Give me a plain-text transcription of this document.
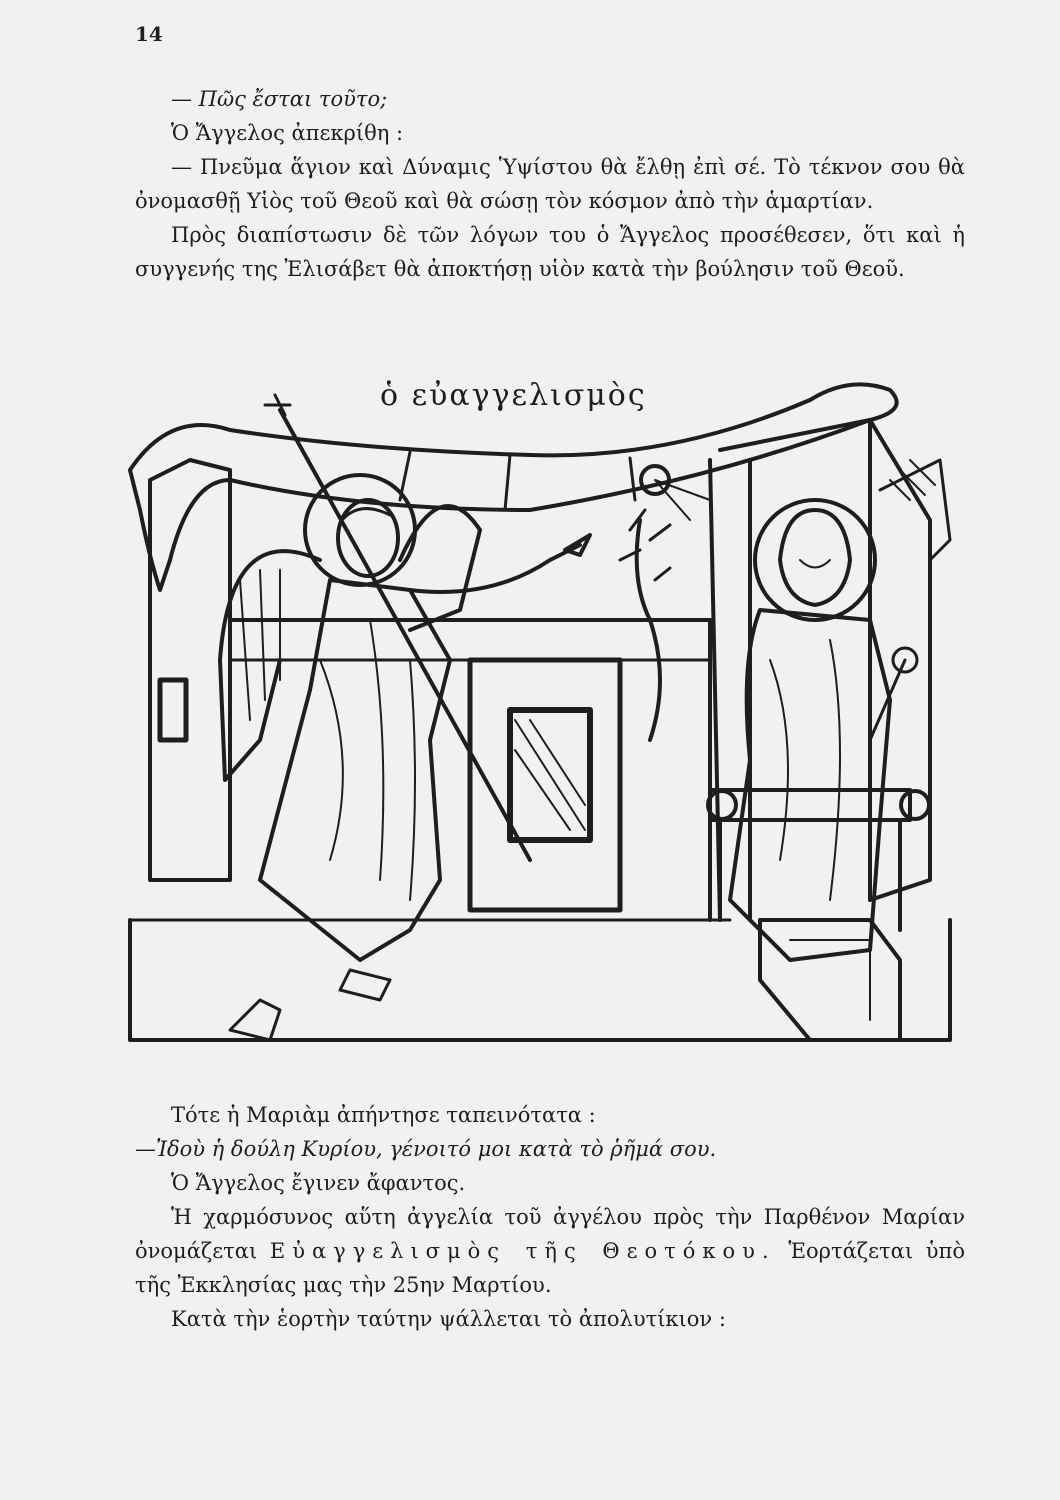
14

— Πῶς ἔσται τοῦτο;

Ὁ Ἄγγελος ἀπεκρίθη :

— Πνεῦμα ἅγιον καὶ Δύναμις Ὑψίστου θὰ ἔλθῃ ἐπὶ σέ. Τὸ τέκνον σου θὰ ὀνομασθῇ Υἱὸς τοῦ Θεοῦ καὶ θὰ σώσῃ τὸν κόσμον ἀπὸ τὴν ἁμαρτίαν.

Πρὸς διαπίστωσιν δὲ τῶν λόγων του ὁ Ἄγγελος προσέθεσεν, ὅτι καὶ ἡ συγγενής της Ἐλισάβετ θὰ ἀποκτήσῃ υἱὸν κατὰ τὴν βούλησιν τοῦ Θεοῦ.

ὁ εὐαγγελισμὸς

Τότε ἡ Μαριὰμ ἀπήντησε ταπεινότατα :

—Ἰδοὺ ἡ δούλη Κυρίου, γένοιτό μοι κατὰ τὸ ῥῆμά σου.

Ὁ Ἄγγελος ἔγινεν ἄφαντος.

Ἡ χαρμόσυνος αὕτη ἀγγελία τοῦ ἀγγέλου πρὸς τὴν Παρθένον Μαρίαν ὀνομάζεται Εὐαγγελισμὸς τῆς Θεοτόκου. Ἑορτάζεται ὑπὸ τῆς Ἐκκλησίας μας τὴν 25ην Μαρτίου.

Κατὰ τὴν ἑορτὴν ταύτην ψάλλεται τὸ ἀπολυτίκιον :
